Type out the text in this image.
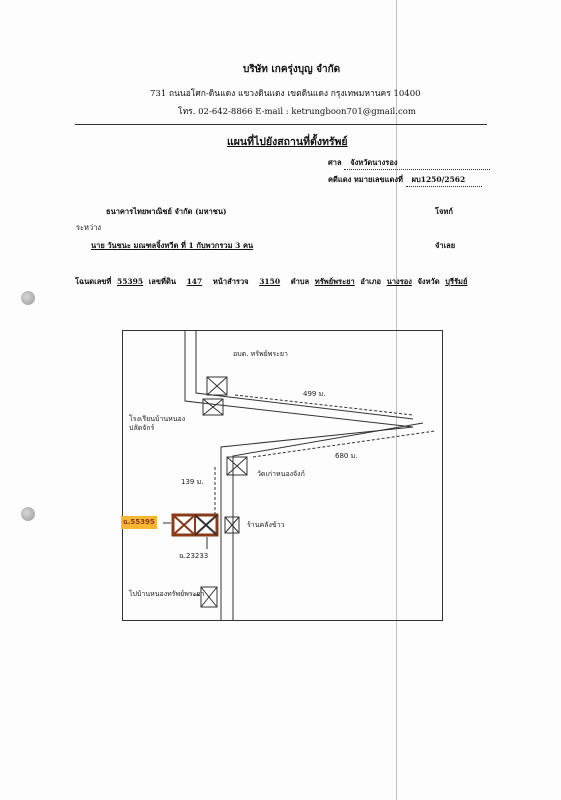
บริษัท เกครุ่งบุญ จำกัด
731 ถนนอโศก-ดินแดง แขวงดินแดง เขตดินแดง กรุงเทพมหานคร 10400
โทร. 02-642-8866 E-mail : ketrungboon701@gmail.com
แผนที่ไปยังสถานที่ตั้งทรัพย์
ศาล จังหวัดนางรอง
คดีแดง หมายเลขแดงที่ ผบ1250/2562
ธนาคารไทยพาณิชย์ จำกัด (มหาชน)	โจทก์
ระหว่าง
นาย วันชนะ มณฑลจิ๋งทวีต ที่ 1 กับพวกรวม 3 คน	จำเลย
โฉนดเลขที่ 55395 เลขที่ดิน 147 หน้าสำรวจ 3150 ตำบล ทรัพย์พระยา อำเภอ นางรอง จังหวัด บุรีรัมย์
อบต. ทรัพย์พระยา
โรงเรียนบ้านหนอง ปลัดจักร์
499 ม.
680 ม.
วัดเก่าหนองจังก์
139 ม.
ฉ.55395	ร้านคลังข้าว
ฉ.23233
ไปบ้านหนองทรัพย์พระยา
